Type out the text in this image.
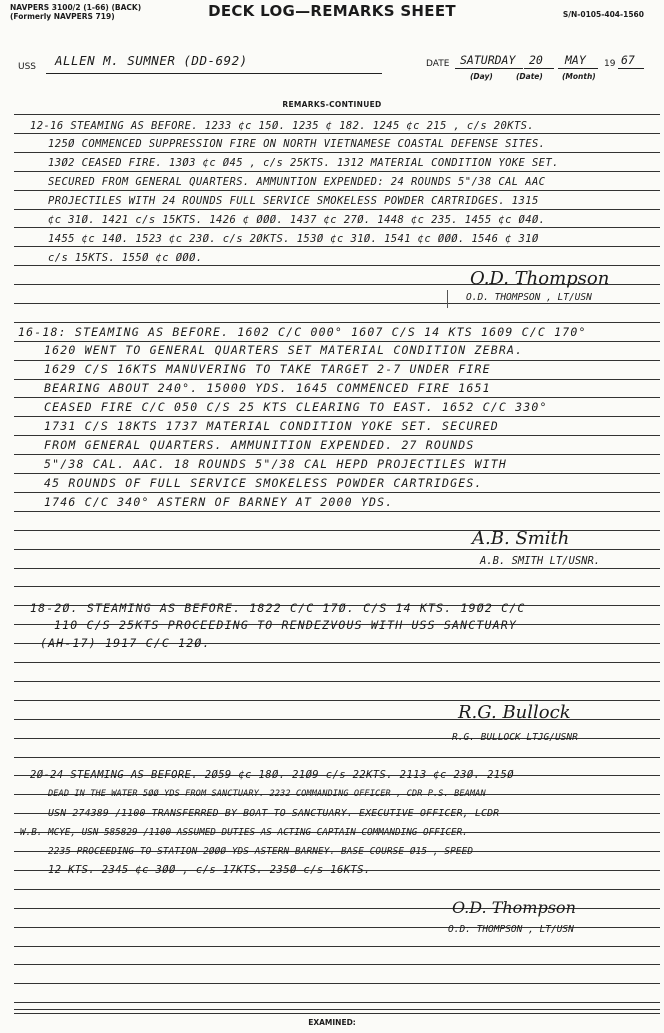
NAVPERS 3100/2 (1-66) (BACK)
(Formerly NAVPERS 719)	DECK LOG—REMARKS SHEET	S/N-0105-404-1560
USS ALLEN M. SUMNER (DD-692)	DATE SATURDAY 20 MAY 19 67
(Day)	(Date)	(Month)
REMARKS-CONTINUED
12-16 STEAMING AS BEFORE. 1233 ¢c 15Ø. 1235 ¢ 182. 1245 ¢c 215 , c/s 20KTS.
125Ø COMMENCED SUPPRESSION FIRE ON NORTH VIETNAMESE COASTAL DEFENSE SITES.
13Ø2 CEASED FIRE. 13Ø3 ¢c Ø45 , c/s 25KTS. 1312 MATERIAL CONDITION YOKE SET.
SECURED FROM GENERAL QUARTERS. AMMUNTION EXPENDED: 24 ROUNDS 5"/38 CAL AAC
PROJECTILES WITH 24 ROUNDS FULL SERVICE SMOKELESS POWDER CARTRIDGES. 1315
¢c 31Ø. 1421 c/s 15KTS. 1426 ¢ ØØØ. 1437 ¢c 27Ø. 1448 ¢c 235. 1455 ¢c Ø4Ø.
1455 ¢c 14Ø. 1523 ¢c 23Ø. c/s 2ØKTS. 153Ø ¢c 31Ø. 1541 ¢c ØØØ. 1546 ¢ 31Ø
c/s 15KTS. 155Ø ¢c ØØØ.
O.D. Thompson
O.D. THOMPSON , LT/USN
16-18: STEAMING AS BEFORE. 1602 C/C 000° 1607 C/S 14 KTS 1609 C/C 170°
1620 WENT TO GENERAL QUARTERS SET MATERIAL CONDITION ZEBRA.
1629 C/S 16KTS MANUVERING TO TAKE TARGET 2-7 UNDER FIRE
BEARING ABOUT 240°. 15000 YDS. 1645 COMMENCED FIRE 1651
CEASED FIRE C/C 050 C/S 25 KTS CLEARING TO EAST. 1652 C/C 330°
1731 C/S 18KTS 1737 MATERIAL CONDITION YOKE SET. SECURED
FROM GENERAL QUARTERS. AMMUNITION EXPENDED. 27 ROUNDS
5"/38 CAL. AAC. 18 ROUNDS 5"/38 CAL HEPD PROJECTILES WITH
45 ROUNDS OF FULL SERVICE SMOKELESS POWDER CARTRIDGES.
1746 C/C 340° ASTERN OF BARNEY AT 2000 YDS.
A.B. Smith
A.B. SMITH LT/USNR.
18-2Ø. STEAMING AS BEFORE. 1822 C/C 17Ø. C/S 14 KTS. 19Ø2 C/C
110 C/S 25KTS PROCEEDING TO RENDEZVOUS WITH USS SANCTUARY
(AH-17) 1917 C/C 12Ø.
R.G. Bullock
R.G. BULLOCK LTJG/USNR
2Ø-24 STEAMING AS BEFORE. 2Ø59 ¢c 18Ø. 21Ø9 c/s 22KTS. 2113 ¢c 23Ø. 215Ø
DEAD IN THE WATER 5ØØ YDS FROM SANCTUARY. 2232 COMMANDING OFFICER , CDR P.S. BEAMAN
USN 274389 /1100 TRANSFERRED BY BOAT TO SANCTUARY. EXECUTIVE OFFICER, LCDR
W.B. MCYE, USN 585829 /1100 ASSUMED DUTIES AS ACTING CAPTAIN COMMANDING OFFICER.
2235 PROCEEDING TO STATION 2ØØØ YDS ASTERN BARNEY. BASE COURSE Ø15 , SPEED
12 KTS. 2345 ¢c 3ØØ , c/s 17KTS. 235Ø c/s 16KTS.
O.D. Thompson
O.D. THOMPSON , LT/USN
EXAMINED:
